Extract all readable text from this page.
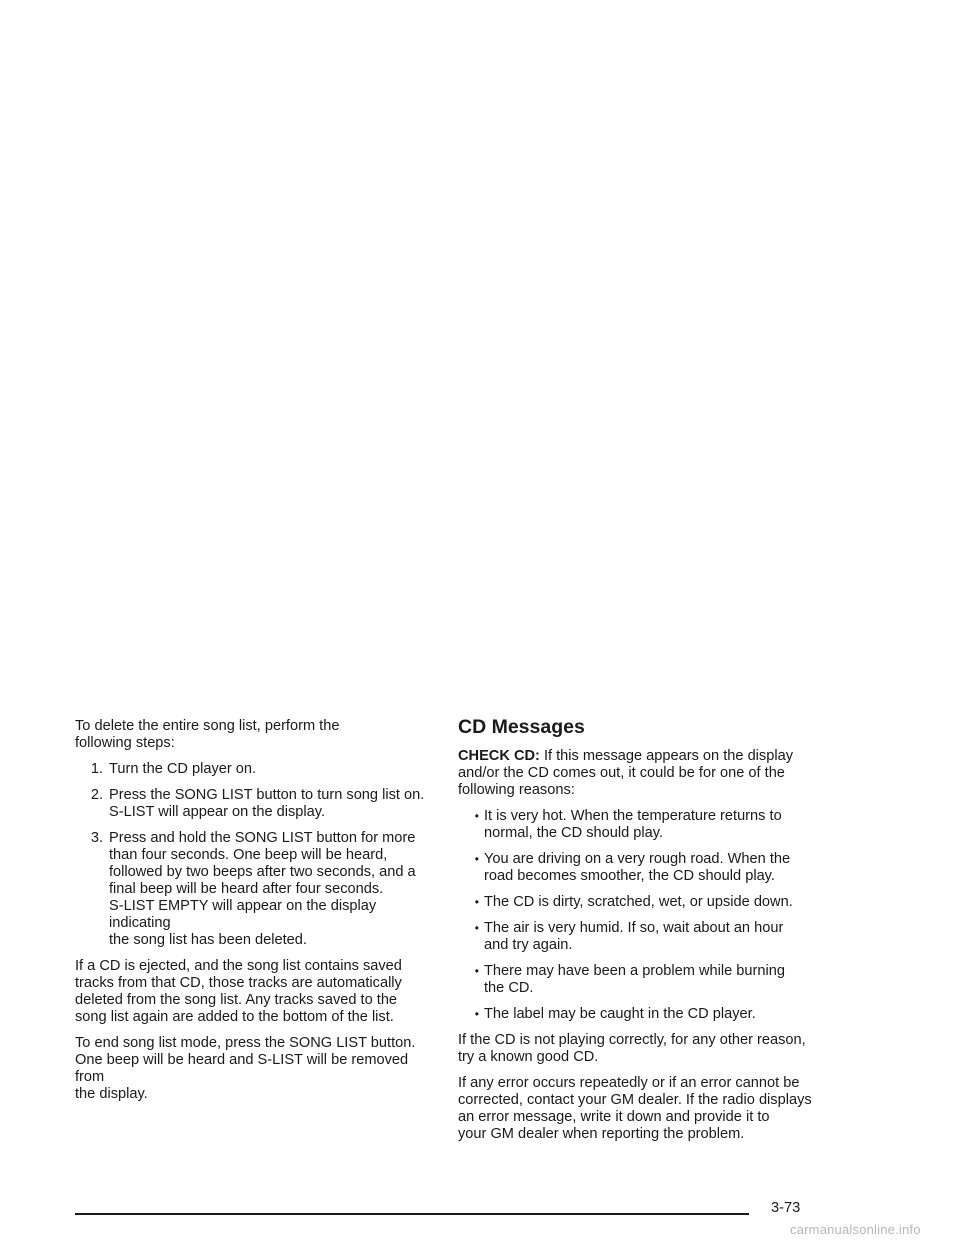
To delete the entire song list, perform the
following steps:

1. Turn the CD player on.
2. Press the SONG LIST button to turn song list on.
S-LIST will appear on the display.
3. Press and hold the SONG LIST button for more
than four seconds. One beep will be heard,
followed by two beeps after two seconds, and a
final beep will be heard after four seconds.
S-LIST EMPTY will appear on the display indicating
the song list has been deleted.

If a CD is ejected, and the song list contains saved
tracks from that CD, those tracks are automatically
deleted from the song list. Any tracks saved to the
song list again are added to the bottom of the list.

To end song list mode, press the SONG LIST button.
One beep will be heard and S-LIST will be removed from
the display.

CD Messages

CHECK CD: If this message appears on the display
and/or the CD comes out, it could be for one of the
following reasons:

•
It is very hot. When the temperature returns to
normal, the CD should play.
•
You are driving on a very rough road. When the
road becomes smoother, the CD should play.
•
The CD is dirty, scratched, wet, or upside down.
•
The air is very humid. If so, wait about an hour
and try again.
•
There may have been a problem while burning
the CD.
•
The label may be caught in the CD player.

If the CD is not playing correctly, for any other reason,
try a known good CD.

If any error occurs repeatedly or if an error cannot be
corrected, contact your GM dealer. If the radio displays
an error message, write it down and provide it to
your GM dealer when reporting the problem.

3-73
carmanualsonline.info
